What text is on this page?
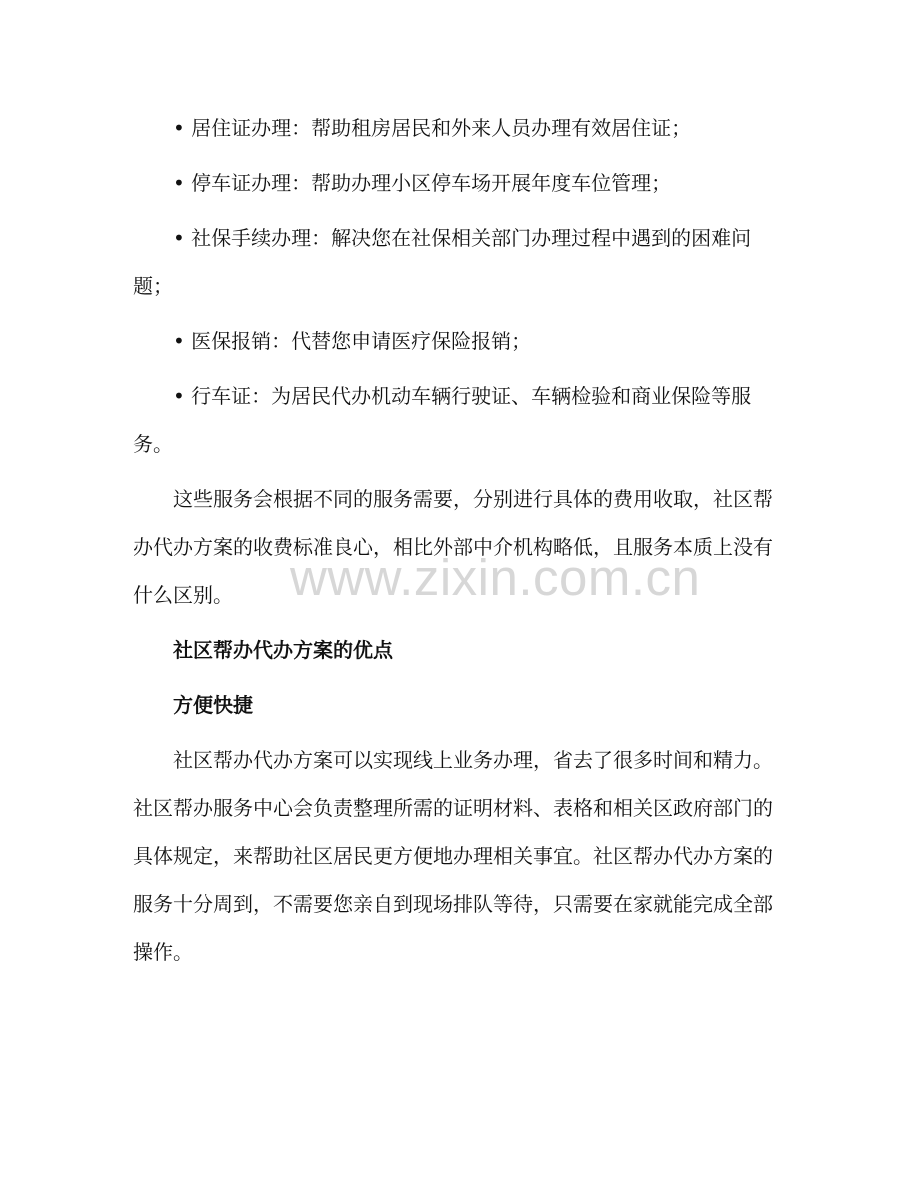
• 居住证办理：帮助租房居民和外来人员办理有效居住证；

• 停车证办理：帮助办理小区停车场开展年度车位管理；

• 社保手续办理：解决您在社保相关部门办理过程中遇到的困难问题；

• 医保报销：代替您申请医疗保险报销；

• 行车证：为居民代办机动车辆行驶证、车辆检验和商业保险等服务。

这些服务会根据不同的服务需要，分别进行具体的费用收取，社区帮办代办方案的收费标准良心，相比外部中介机构略低，且服务本质上没有什么区别。

社区帮办代办方案的优点

方便快捷

社区帮办代办方案可以实现线上业务办理，省去了很多时间和精力。社区帮办服务中心会负责整理所需的证明材料、表格和相关区政府部门的具体规定，来帮助社区居民更方便地办理相关事宜。社区帮办代办方案的服务十分周到，不需要您亲自到现场排队等待，只需要在家就能完成全部操作。

www.zixin.com.cn
